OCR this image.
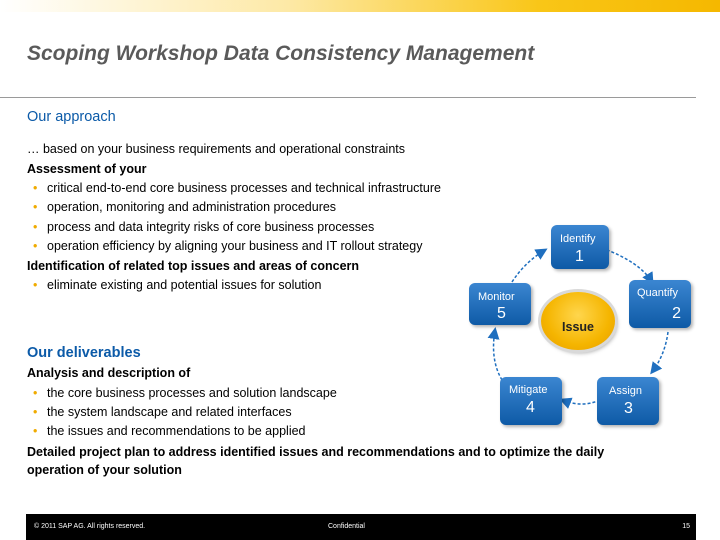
Scoping Workshop Data Consistency Management
Our approach
… based on your business requirements and operational constraints
Assessment of your
• critical end-to-end core business processes and technical infrastructure
• operation, monitoring and administration procedures
• process and data integrity risks of core business processes
• operation efficiency by aligning your business and IT rollout strategy
Identification of related top issues and areas of concern
• eliminate existing and potential issues for solution
Our deliverables
Analysis and description of
• the core business processes and solution landscape
• the system landscape and related interfaces
• the issues and recommendations to be applied
Detailed project plan to address identified issues and recommendations and to optimize the daily
operation of your solution
Identify
1
Quantify
2
Assign
3
Mitigate
4
Monitor
5
Issue
© 2011 SAP AG. All rights reserved.	Confidential	15
